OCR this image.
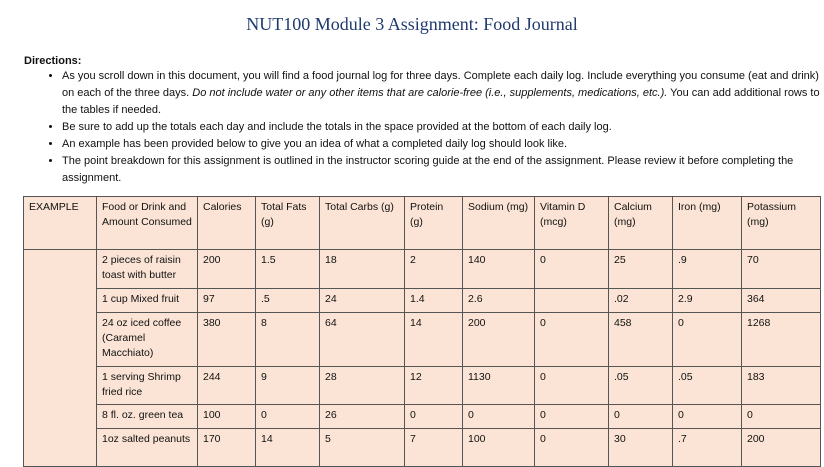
NUT100 Module 3 Assignment: Food Journal
Directions:
• As you scroll down in this document, you will find a food journal log for three days. Complete each daily log. Include everything you consume (eat and drink) on each of the three days. Do not include water or any other items that are calorie-free (i.e., supplements, medications, etc.). You can add additional rows to the tables if needed.
• Be sure to add up the totals each day and include the totals in the space provided at the bottom of each daily log.
• An example has been provided below to give you an idea of what a completed daily log should look like.
• The point breakdown for this assignment is outlined in the instructor scoring guide at the end of the assignment. Please review it before completing the assignment.
EXAMPLE	Food or Drink and Amount Consumed	Calories	Total Fats (g)	Total Carbs (g)	Protein (g)	Sodium (mg)	Vitamin D (mcg)	Calcium (mg)	Iron (mg)	Potassium (mg)
	2 pieces of raisin toast with butter	200	1.5	18	2	140	0	25	.9	70
	1 cup Mixed fruit	97	.5	24	1.4	2.6		.02	2.9	364
	24 oz iced coffee (Caramel Macchiato)	380	8	64	14	200	0	458	0	1268
	1 serving Shrimp fried rice	244	9	28	12	1130	0	.05	.05	183
	8 fl. oz. green tea	100	0	26	0	0	0	0	0	0
	1oz salted peanuts	170	14	5	7	100	0	30	.7	200
